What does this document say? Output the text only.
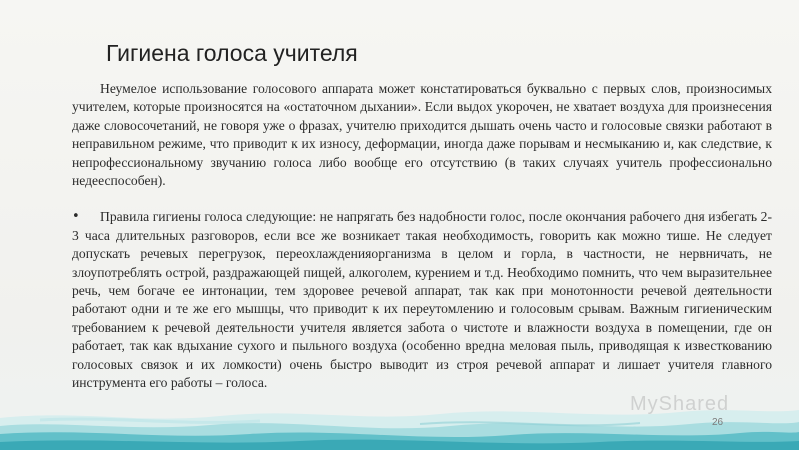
Гигиена голоса учителя

Неумелое использование голосового аппарата может констатироваться буквально с первых слов, произносимых учителем, которые произносятся на «остаточном дыхании». Если выдох укорочен, не хватает воздуха для произнесения даже словосочетаний, не говоря уже о фразах, учителю приходится дышать очень часто и голосовые связки работают в неправильном режиме, что приводит к их износу, деформации, иногда даже порывам и несмыканию и, как следствие, к непрофессиональному звучанию голоса либо вообще его отсутствию (в таких случаях учитель профессионально недееспособен).

•	Правила гигиены голоса следующие: не напрягать без надобности голос, после окончания рабочего дня избегать 2-3 часа длительных разговоров, если все же возникает такая необходимость, говорить как можно тише. Не следует допускать речевых перегрузок, переохлажденияорганизма в целом и горла, в частности, не нервничать, не злоупотреблять острой, раздражающей пищей, алкоголем, курением и т.д. Необходимо помнить, что чем выразительнее речь, чем богаче ее интонации, тем здоровее речевой аппарат, так как при монотонности речевой деятельности работают одни и те же его мышцы, что приводит к их переутомлению и голосовым срывам. Важным гигиеническим требованием к речевой деятельности учителя является забота о чистоте и влажности воздуха в помещении, где он работает, так как вдыхание сухого и пыльного воздуха (особенно вредна меловая пыль, приводящая к известкованию голосовых связок и их ломкости) очень быстро выводит из строя речевой аппарат и лишает учителя главного инструмента его работы – голоса.

MyShared
26
